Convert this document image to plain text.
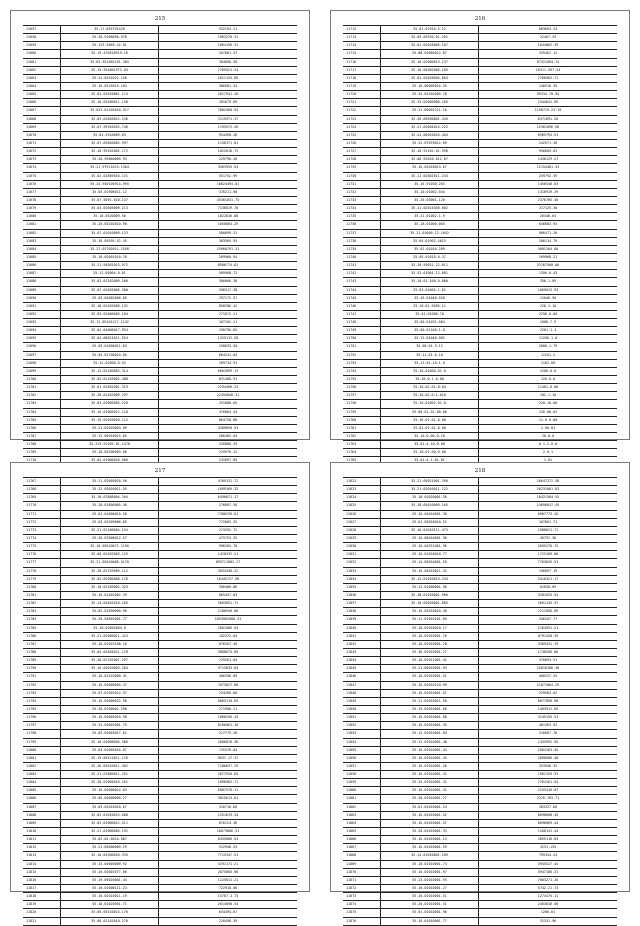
215
11657	35.17.855791428	532194.21
11658	35.26.9106056.978	1963270.31
11659	35.123.5069.42.81	1064156.31
11660	35.19.470526919.16	207061.37
11661	35.63.951002191.305	364096.50
11662	35.15.954601972.03	2769521.24
11663	35.24.0251021.150	1011155.89
11664	35.10.0325019.103	386981.34
11665	35.62.01610861.174	2817941.26
11666	35.16.03260011.138	281679.69
11667	35.023.01105010.927	7802560.94
11668	35.03.01603012.236	3115971.37
11669	35.07.95910592.746	1195972.26
11670	35.04.3310609.63	954498.28
11671	35.07.65040062.997	1156371.01
11672	35.18.95102002.172	1022610.73
11673	35.26.95060009.93	229790.20
11674	35.21.97911623.1384	3563955.53
11675	35.02.01809010.131	551752.99
11676	35.24.940100914.995	10624494.81
11677	35.03.01906011.12	376211.98
11678	35.07.5091.010.137	45361031.73
11679	35.03.01605009.213	7136819.78
11680	35.18.0520009.56	1822816.68
11681	35.26.03202010.98	1650664.29
11682	35.07.01010009.123	580899.31
11683	35.10.05595.52.45	383569.95
11684	35.27.01702011.1558	15960791.31
11685	35.10.02001010.76	269960.94
11686	35.21.94502023.972	8906774.81
11687	35.12.05004.0.81	509968.72
11688	35.02.01202009.266	366666.38
11689	35.07.01603005.300	356517.38
11690	35.03.02002006.09	297172.97
11691	35.18.01202009.192	858286.42
11692	35.03.02606003.104	271872.21
11693	35.12.05101217.1142	107182.21
11694	35.02.04006017.954	290796.65
11695	35.04.06021011.554	1325112.28
11696	35.03.01006011.63	150633.50
11697	35.04.02700010.85	664241.04
11698	35.12.02008.0.52	269734.91
11699	35.12.02100602.314	6662899.13
11700	35.02.01103002.488	831468.91
11701	35.01.01602001.319	2294496.23
11702	35.28.01402009.297	22494048.31
11703	35.03.01009005.220	331088.65
11704	35.10.01005012.118	476064.44
11705	35.19.02020010.112	864758.88
11706	35.21.02020003.09	4209650.53
11707	35.12.06010015.65	266482.03
11708	35.223.91205.01.1470	326800.29
11709	35.18.05206003.66	219978.12
11710	35.02.01000018.566	241897.89
216
11712	35.61.01910.5.12	683663.24
11713	35.09.05920.01.201	22467.29
11714	35.01.02028005.187	1644662.39
11715	35.08.02060012.87	335461.12
11716	35.10.02000019.137	67321694.74
11717	35.16.04902005.183	16311.597.34
11718	35.62.02028004.604	2766962.71
11719	35.16.06009016.55	146516.59
11720	35.34.02202005.78	99334.70.94
11721	35.33.02009006.165	1544641.09
11722	35.21.09001211.10	1190715.23.19
11723	35.20.09030001.345	6371891.20
11724	35.21.02004014.222	12561096.98
11725	35.24.06016016.404	6965794.91
11726	35.22.07070012.09	242571.30
11727	35.18.91102.61.596	956605.63
11728	35.06.92010.012.07	1438129.27
11729	35.10.02018013.67	12154461.43
11730	35.11.02602011.243	259792.59
11731	35.16.91030.203	1456540.63
11732	35.10.01002.044	1316919.29
11733	35.20.03001.120	2376765.48
11734	35.11.02021030.002	217125.38
11735	35.21.01002.1.9	26446.64
11736	35.18.01000.003	646683.93
11737	35.21.01000.12.1042	986471.20
11738	35.04.01902.4015	286134.79
11739	35.02.01016.209	4091264.60
11740	35.05.01010.0.37	169968.21
11741	35.20.93021.22.011	33767560.00
11742	35.52.01001.12.001	1356.0.43
11743	35.10.01.100.0.000	356.1.09
11744	35.03.01005.1.62	1669013.93
11745	35.45.01040.028	11046.90
11746	35.10.01.9095.11	228.1.10
11747	35.61.01080.70	2256.0.00
11748	35.00.01031.004	1606.7.9
11749	35.00.01100.1.0	2201.1.1
11750	35.12.01040.002	11296.1.0
11751	35.06.01.9.12	2000.1.79
11752	35.11.01.0.10	12201.2
11753	35.12.01.10.1.0	1162.00
11754	35.10.01000.01.0	1200.0.0
11755	35.10.0.1.0.00	120.0.0
11756	35.10.02.01.0.04	12401.0.00
11757	35.10.02.0.1.010	102.1.10
11758	35.20.01002.01.0	220.10.00
11759	35.00.01.01.00.00	126.00.02
11760	35.16.01.01.0.00	11.0.0.00
11761	35.01.01.01.0.00	2.00.01
11762	35.10.0.00.0.10	20.0.0
11763	35.01.0.10.0.00	0.1.2.0.0
11764	35.10.01.00.0.00	2.0.1
11765	35.01.0.1.01.01	1.01
217
11767	35.21.02005020.56	4709131.72
11768	35.12.03020011.55	1099169.32
11769	35.10.07808004.264	6496071.17
11770	35.20.01806005.48	276897.58
11771	35.01.01606015.58	7386539.61
11772	35.63.02509006.69	772065.25
11773	35.21.01100004.154	274392.72
11774	35.26.07808012.57	475753.25
11775	35.10.05610071.1196	996265.70
11776	35.60.01202003.125	1420332.21
11777	35.21.05010006.5170	895711002.27
11778	35.28.02703009.112	3834348.22
11779	35.02.02900008.176	16445727.98
11780	35.10.02109002.325	396460.86
11781	35.10.01402002.39	865457.83
11782	35.13.04401010.165	5663651.71
11783	35.02.01690000.96	2180940.00
11784	35.20.94602001.77	1093962686.31
11785	35.10.02004004.8	2001066.94
11786	35.21.02000011.423	102372.64
11787	35.10.01023108.16	876167.40
11788	35.04.04404011.178	3888675.89
11789	35.26.01702007.297	729261.64
11790	35.10.04010003.204	9713633.64
11791	35.10.01410000.41	306356.09
11792	35.10.02000005.37	7073627.80
11793	35.07.01902012.97	234260.80
11794	35.10.02000022.96	8065110.65
11795	35.26.0700002.290	271900.21
11796	35.10.02005010.98	1060256.43
11797	35.34.03001001.79	8200061.16
11798	35.02.02003017.62	217775.28
11799	35.10.03008004.366	2606076.36
11800	35.63.01004016.87	745376.84
11801	35.15.05412011.176	9631.17.37
11802	35.26.03010011.302	7186637.29
11803	35.21.07800011.251	2677526.65
11804	35.20.01004010.161	1096962.71
11805	35.10.02000014.63	6907570.11
11806	35.09.05000009.27	3815613.61
11807	35.03.02010010.67	316716.66
11808	35.02.01010015.608	1251619.34
11809	35.02.01000012.511	876124.36
11810	35.21.01000004.192	10673866.31
11811	35.62.04.6010.067	6455866.54
11812	35.21.05000009.29	512948.25
11813	35.10.04300010.335	7715347.51
11814	35.13.04005009.92	4191171.21
11815	35.20.02001077.66	2075605.96
11816	35.19.05020001.44	1125811.21
11817	35.10.01000111.23	722918.00
11818	35.10.02010011.19	15767.3.73
11819	35.18.01020001.71	2614698.54
11820	35.05.05510015.176	634494.67
11821	35.00.01102010.270	228498.39
218
11822	35.21.05021001.390	16647372.58
11823	35.21.02010011.122	26231661.83
11824	35.10.01020001.56	18421584.55
11825	35.18.05010009.165	14696647.45
11826	35.10.04010001.30	6967773.26
11827	35.61.05020010.52	107861.71
11828	35.16.01010111.475	1988621.71
11829	35.10.06010001.36	36797.36
11830	35.10.04921001.96	2035276.75
11831	35.10.01020010.77	1725109.06
11832	35.14.05010001.59	7763645.91
11833	35.10.04010011.32	196097.19
11834	35.12.01010019.234	3416421.17
11835	35.12.01000001.90	61030.09
11836	35.18.01010001.966	3281035.54
11837	35.10.05020001.685	2661145.57
11838	35.10.02010010.40	2211056.09
11839	35.11.07010101.09	346107.77
11840	35.18.01010010.17	2164951.21
11841	35.10.01010001.76	8791428.39
11842	35.10.01010001.28	3309431.79
11843	35.36.01010001.27	1740556.66
11844	35.10.01011001.41	376093.51
11845	35.21.00010001.93	15616306.30
11846	35.10.01010001.51	460157.25
11847	35.16.01010110.99	11871864.29
11848	35.10.01010001.07	239563.02
11849	35.21.01010011.50	6877896.90
11850	35.19.01010001.60	1403912.05
11851	35.10.01010001.08	3145155.51
11852	35.10.01010001.35	461363.92
11853	35.12.01010001.84	216667.76
11854	35.12.01010001.48	1435992.95
11855	35.10.01010001.44	2564163.45
11856	35.10.01010001.49	2698906.48
11857	35.10.01010001.26	353946.32
11858	35.10.01010001.31	1961329.53
11859	35.25.01010001.32	2764161.54
11860	35.10.01010001.31	2153416.07
11861	35.20.01010001.27	2376.763.71
11862	35.01.01010001.24	283327.66
11863	35.10.01010001.52	6098668.45
11864	35.10.01010001.57	6096869.44
11865	35.20.01010001.33	1168141.44
11866	35.10.01010001.13	2855116.03
11867	35.10.01010001.59	3231.155
11868	35.14.01010001.109	795354.24
11869	35.18.01010001.74	3945527.44
11870	35.10.01010001.97	5947100.31
11871	35.23.01010001.93	7603271.26
11872	35.10.01010001.27	5742.21.74
11873	35.10.01010001.51	1274475.11
11874	35.20.01010001.31	2464016.56
11875	35.01.01010001.98	1266.01
11876	35.10.01010001.77	32251.96
